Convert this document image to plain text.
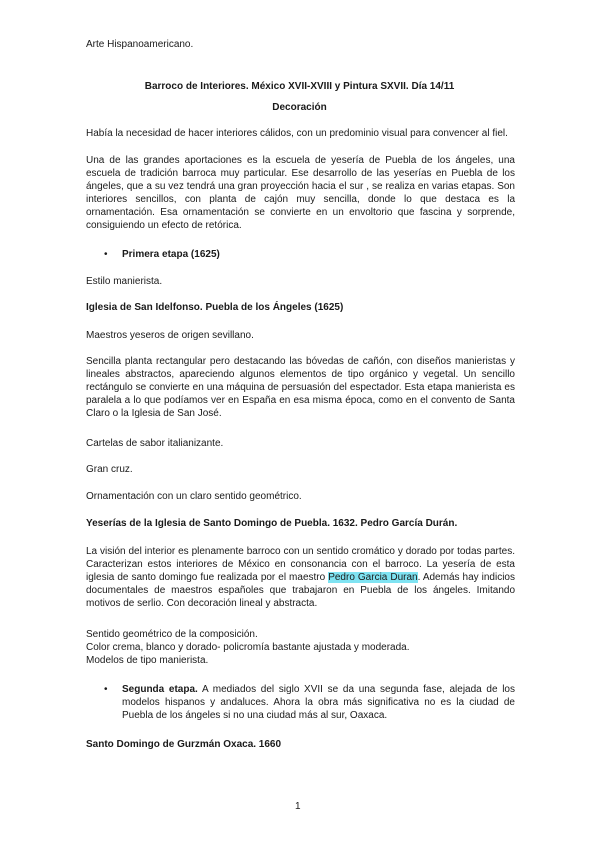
Arte Hispanoamericano.
Barroco de Interiores. México XVII-XVIII y Pintura SXVII. Día 14/11
Decoración
Había la necesidad de hacer interiores cálidos, con un predominio visual para convencer al fiel.
Una de las grandes aportaciones es la escuela de yesería de Puebla de los ángeles, una escuela de tradición barroca muy particular. Ese desarrollo de las yeserías en Puebla de los ángeles, que a su vez tendrá una gran proyección hacia el sur , se realiza en varias etapas. Son interiores sencillos, con planta de cajón muy sencilla, donde lo que destaca es la ornamentación. Esa ornamentación se convierte en un envoltorio que fascina y sorprende, consiguiendo un efecto de retórica.
• Primera etapa (1625)
Estilo manierista.
Iglesia de San Idelfonso. Puebla de los Ángeles (1625)
Maestros yeseros de origen sevillano.
Sencilla planta rectangular pero destacando las bóvedas de cañón, con diseños manieristas y lineales abstractos, apareciendo algunos elementos de tipo orgánico y vegetal. Un sencillo rectángulo se convierte en una máquina de persuasión del espectador. Esta etapa manierista es paralela a lo que podíamos ver en España en esa misma época, como en el convento de Santa Claro o la Iglesia de San José.
Cartelas de sabor italianizante.
Gran cruz.
Ornamentación con un claro sentido geométrico.
Yeserías de la Iglesia de Santo Domingo de Puebla. 1632. Pedro García Durán.
La visión del interior es plenamente barroco con un sentido cromático y dorado por todas partes. Caracterizan estos interiores de México en consonancia con el barroco. La yesería de esta iglesia de santo domingo fue realizada por el maestro Pedro Garcia Duran. Además hay indicios documentales de maestros españoles que trabajaron en Puebla de los ángeles. Imitando motivos de serlio. Con decoración lineal y abstracta.
Sentido geométrico de la composición.
Color crema, blanco y dorado- policromía bastante ajustada y moderada.
Modelos de tipo manierista.
• Segunda etapa. A mediados del siglo XVII se da una segunda fase, alejada de los modelos hispanos y andaluces. Ahora la obra más significativa no es la ciudad de Puebla de los ángeles si no una ciudad más al sur, Oaxaca.
Santo Domingo de Gurzmán Oxaca. 1660
1
